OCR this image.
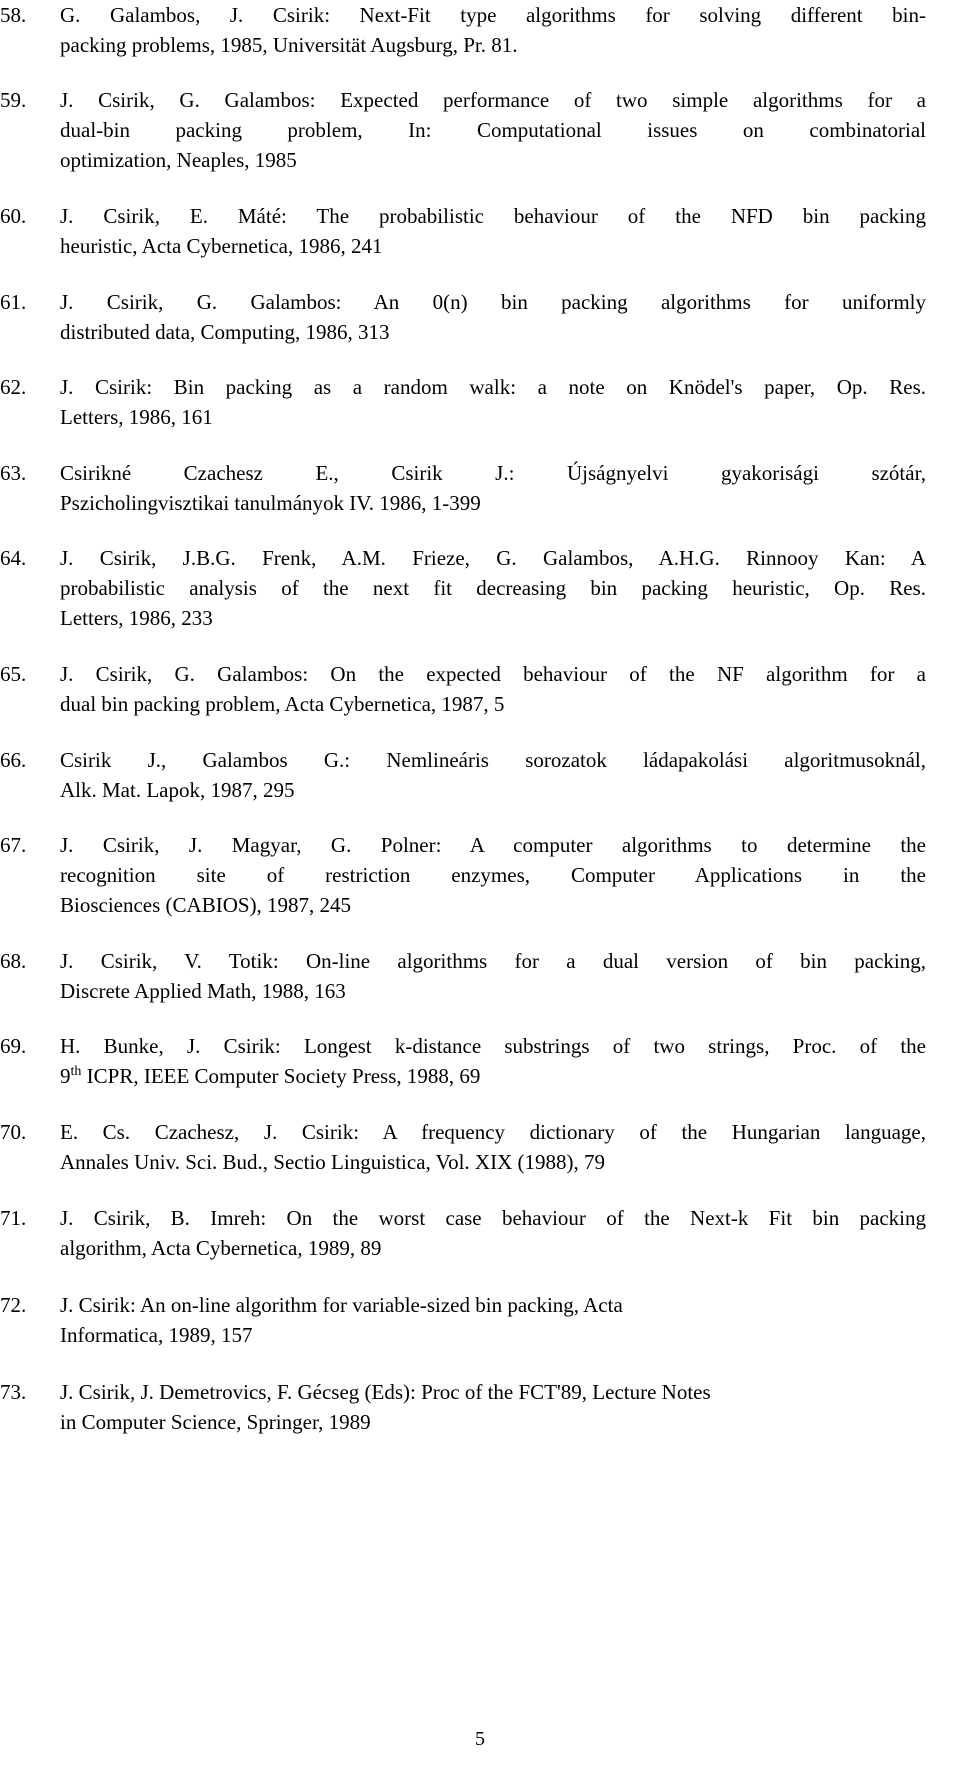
58.	G. Galambos, J. Csirik: Next-Fit type algorithms for solving different bin-
packing problems, 1985, Universität Augsburg, Pr. 81.
59.	J. Csirik, G. Galambos: Expected performance of two simple algorithms for a
dual-bin packing problem, In: Computational issues on combinatorial
optimization, Neaples, 1985
60.	J. Csirik, E. Máté: The probabilistic behaviour of the NFD bin packing
heuristic, Acta Cybernetica, 1986, 241
61.	J. Csirik, G. Galambos: An 0(n) bin packing algorithms for uniformly
distributed data, Computing, 1986, 313
62.	J. Csirik: Bin packing as a random walk: a note on Knödel's paper, Op. Res.
Letters, 1986, 161
63.	Csirikné Czachesz E., Csirik J.: Újságnyelvi gyakorisági szótár,
Pszicholingvisztikai tanulmányok IV. 1986, 1-399
64.	J. Csirik, J.B.G. Frenk, A.M. Frieze, G. Galambos, A.H.G. Rinnooy Kan: A
probabilistic analysis of the next fit decreasing bin packing heuristic, Op. Res.
Letters, 1986, 233
65.	J. Csirik, G. Galambos: On the expected behaviour of the NF algorithm for a
dual bin packing problem, Acta Cybernetica, 1987, 5
66.	Csirik J., Galambos G.: Nemlineáris sorozatok ládapakolási algoritmusoknál,
Alk. Mat. Lapok, 1987, 295
67.	J. Csirik, J. Magyar, G. Polner: A computer algorithms to determine the
recognition site of restriction enzymes, Computer Applications in the
Biosciences (CABIOS), 1987, 245
68.	J. Csirik, V. Totik: On-line algorithms for a dual version of bin packing,
Discrete Applied Math, 1988, 163
69.	H. Bunke, J. Csirik: Longest k-distance substrings of two strings, Proc. of the
9th ICPR, IEEE Computer Society Press, 1988, 69
70.	E. Cs. Czachesz, J. Csirik: A frequency dictionary of the Hungarian language,
Annales Univ. Sci. Bud., Sectio Linguistica, Vol. XIX (1988), 79
71.	J. Csirik, B. Imreh: On the worst case behaviour of the Next-k Fit bin packing
algorithm, Acta Cybernetica, 1989, 89
72.	J. Csirik: An on-line algorithm for variable-sized bin packing, Acta
Informatica, 1989, 157
73.	J. Csirik, J. Demetrovics, F. Gécseg (Eds): Proc of the FCT'89, Lecture Notes
in Computer Science, Springer, 1989
5
